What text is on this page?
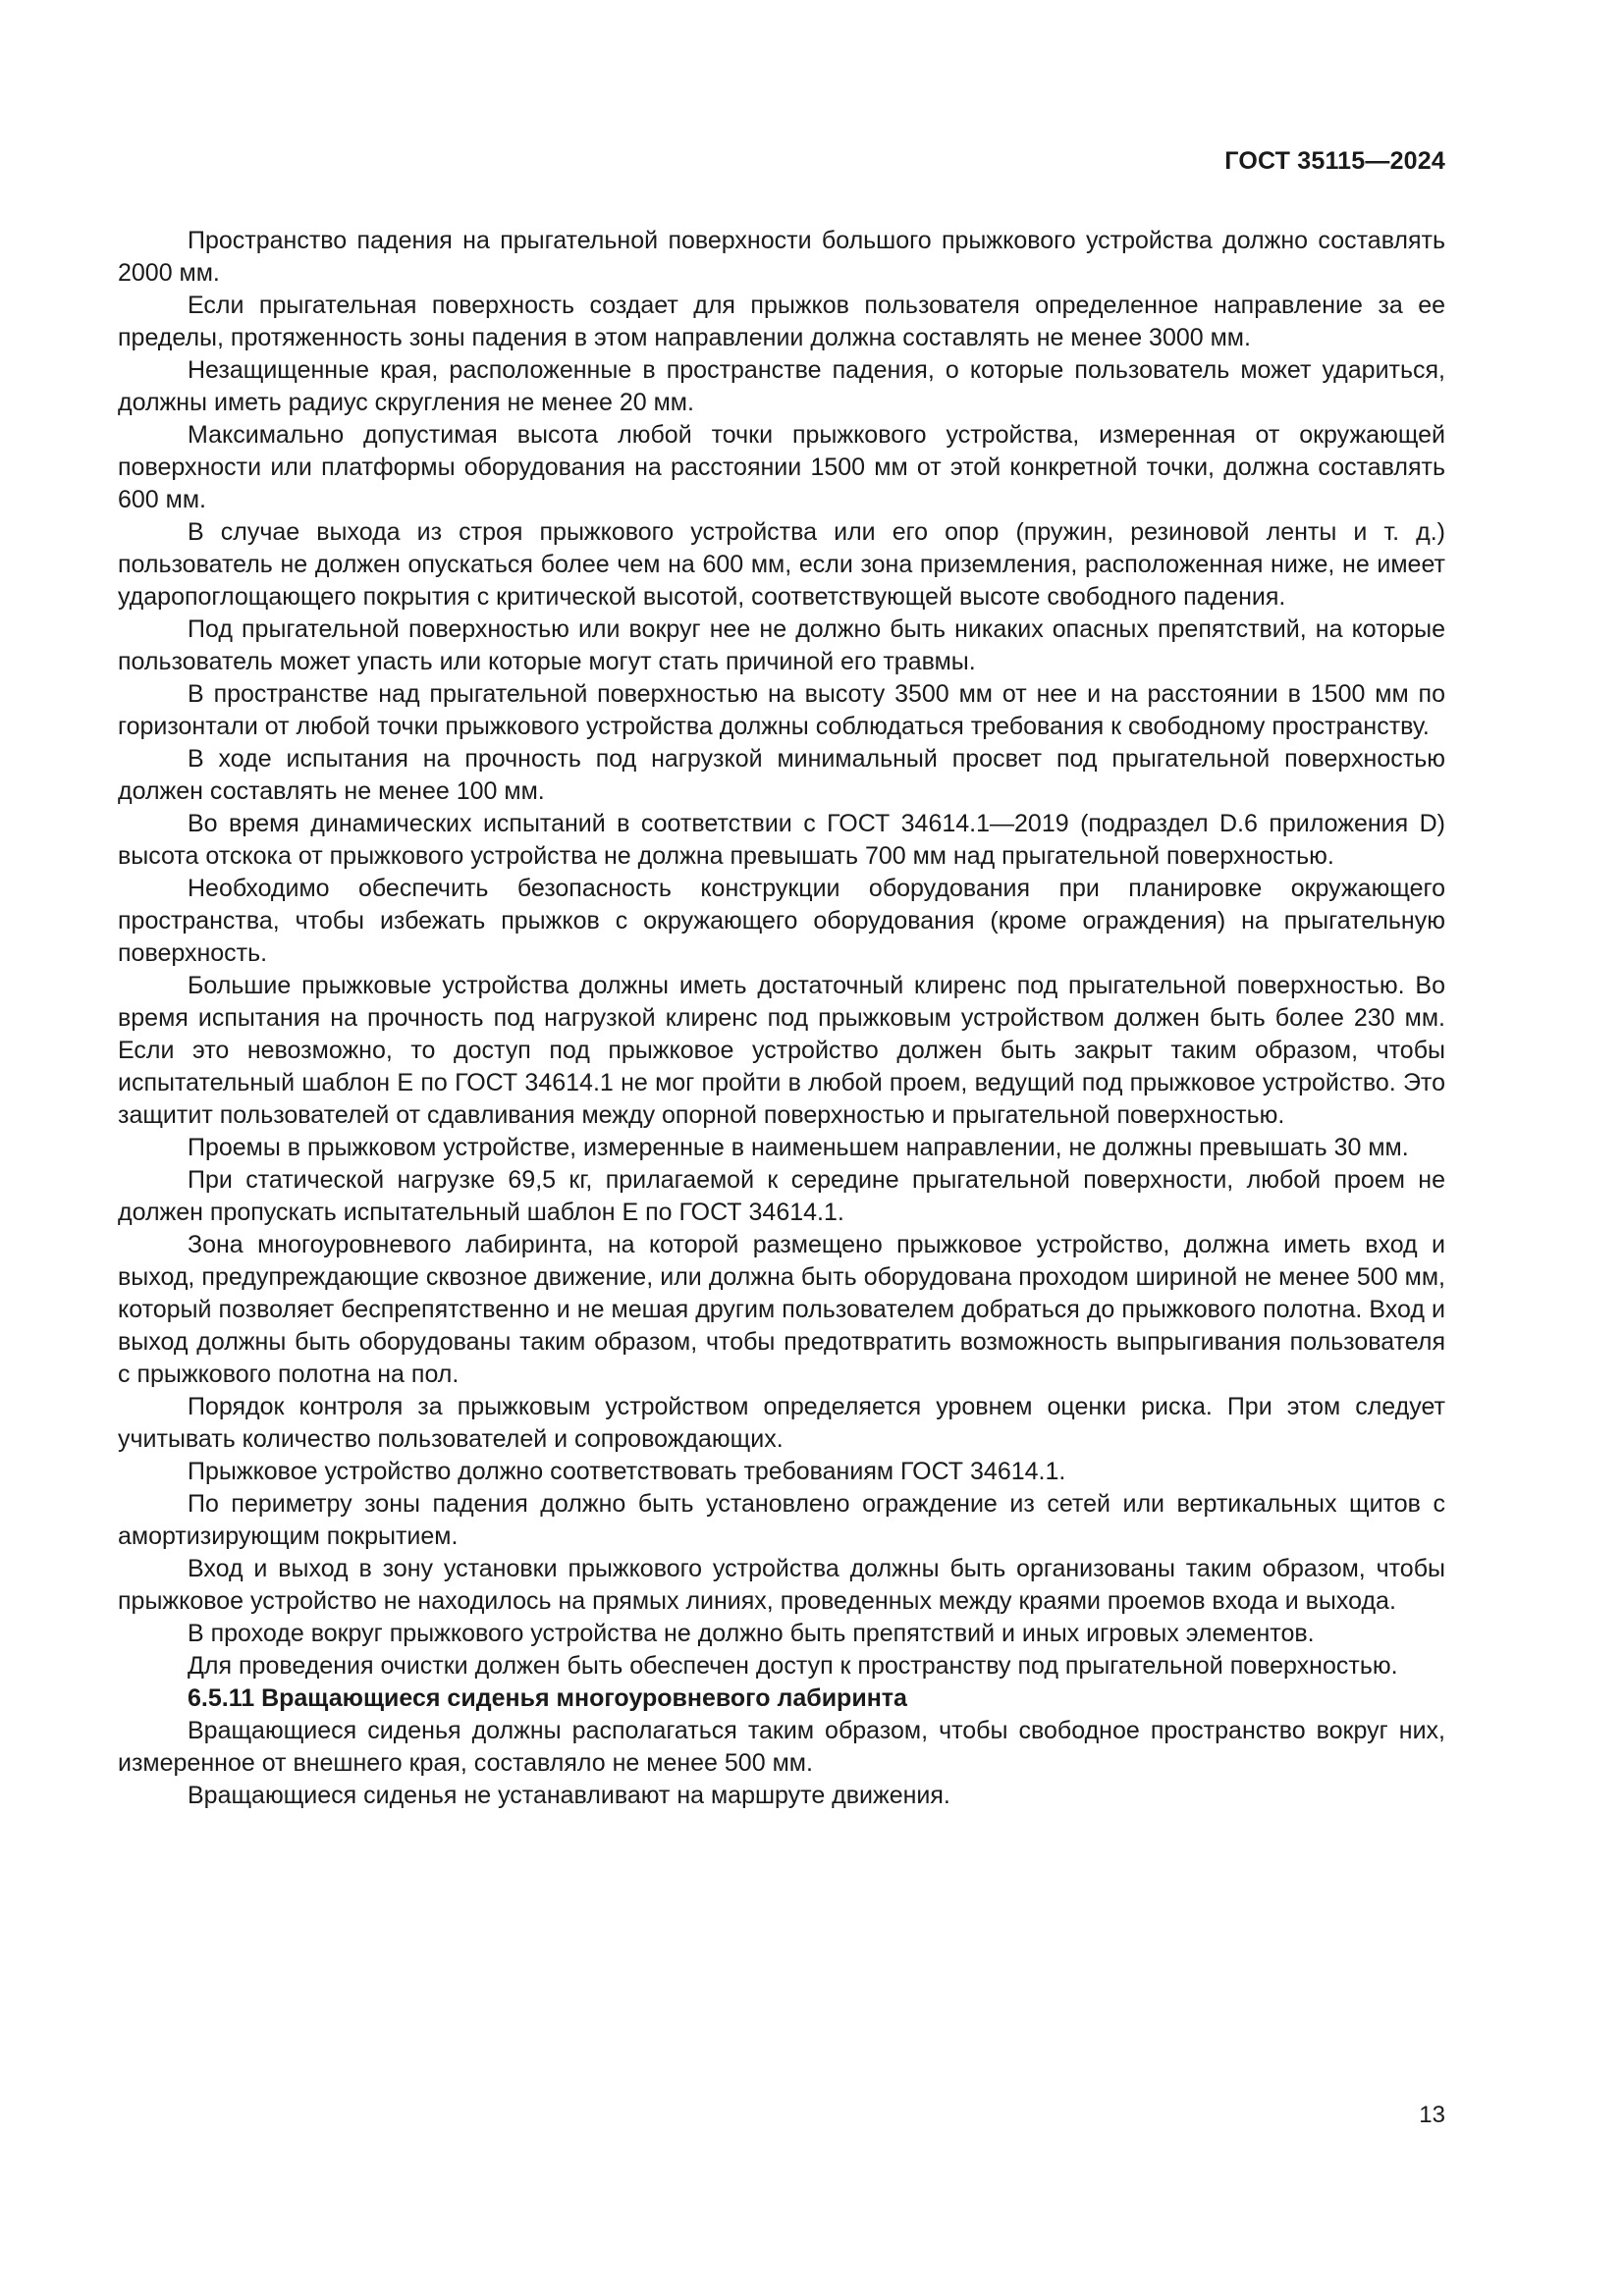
ГОСТ 35115—2024

Пространство падения на прыгательной поверхности большого прыжкового устройства должно составлять 2000 мм.

Если прыгательная поверхность создает для прыжков пользователя определенное направление за ее пределы, протяженность зоны падения в этом направлении должна составлять не менее 3000 мм.

Незащищенные края, расположенные в пространстве падения, о которые пользователь может удариться, должны иметь радиус скругления не менее 20 мм.

Максимально допустимая высота любой точки прыжкового устройства, измеренная от окружающей поверхности или платформы оборудования на расстоянии 1500 мм от этой конкретной точки, должна составлять 600 мм.

В случае выхода из строя прыжкового устройства или его опор (пружин, резиновой ленты и т. д.) пользователь не должен опускаться более чем на 600 мм, если зона приземления, расположенная ниже, не имеет ударопоглощающего покрытия с критической высотой, соответствующей высоте свободного падения.

Под прыгательной поверхностью или вокруг нее не должно быть никаких опасных препятствий, на которые пользователь может упасть или которые могут стать причиной его травмы.

В пространстве над прыгательной поверхностью на высоту 3500 мм от нее и на расстоянии в 1500 мм по горизонтали от любой точки прыжкового устройства должны соблюдаться требования к свободному пространству.

В ходе испытания на прочность под нагрузкой минимальный просвет под прыгательной поверхностью должен составлять не менее 100 мм.

Во время динамических испытаний в соответствии с ГОСТ 34614.1—2019 (подраздел D.6 приложения D) высота отскока от прыжкового устройства не должна превышать 700 мм над прыгательной поверхностью.

Необходимо обеспечить безопасность конструкции оборудования при планировке окружающего пространства, чтобы избежать прыжков с окружающего оборудования (кроме ограждения) на прыгательную поверхность.

Большие прыжковые устройства должны иметь достаточный клиренс под прыгательной поверхностью. Во время испытания на прочность под нагрузкой клиренс под прыжковым устройством должен быть более 230 мм. Если это невозможно, то доступ под прыжковое устройство должен быть закрыт таким образом, чтобы испытательный шаблон Е по ГОСТ 34614.1 не мог пройти в любой проем, ведущий под прыжковое устройство. Это защитит пользователей от сдавливания между опорной поверхностью и прыгательной поверхностью.

Проемы в прыжковом устройстве, измеренные в наименьшем направлении, не должны превышать 30 мм.

При статической нагрузке 69,5 кг, прилагаемой к середине прыгательной поверхности, любой проем не должен пропускать испытательный шаблон Е по ГОСТ 34614.1.

Зона многоуровневого лабиринта, на которой размещено прыжковое устройство, должна иметь вход и выход, предупреждающие сквозное движение, или должна быть оборудована проходом шириной не менее 500 мм, который позволяет беспрепятственно и не мешая другим пользователем добраться до прыжкового полотна. Вход и выход должны быть оборудованы таким образом, чтобы предотвратить возможность выпрыгивания пользователя с прыжкового полотна на пол.

Порядок контроля за прыжковым устройством определяется уровнем оценки риска. При этом следует учитывать количество пользователей и сопровождающих.

Прыжковое устройство должно соответствовать требованиям ГОСТ 34614.1.

По периметру зоны падения должно быть установлено ограждение из сетей или вертикальных щитов с амортизирующим покрытием.

Вход и выход в зону установки прыжкового устройства должны быть организованы таким образом, чтобы прыжковое устройство не находилось на прямых линиях, проведенных между краями проемов входа и выхода.

В проходе вокруг прыжкового устройства не должно быть препятствий и иных игровых элементов.

Для проведения очистки должен быть обеспечен доступ к пространству под прыгательной поверхностью.

6.5.11 Вращающиеся сиденья многоуровневого лабиринта

Вращающиеся сиденья должны располагаться таким образом, чтобы свободное пространство вокруг них, измеренное от внешнего края, составляло не менее 500 мм.

Вращающиеся сиденья не устанавливают на маршруте движения.

13
